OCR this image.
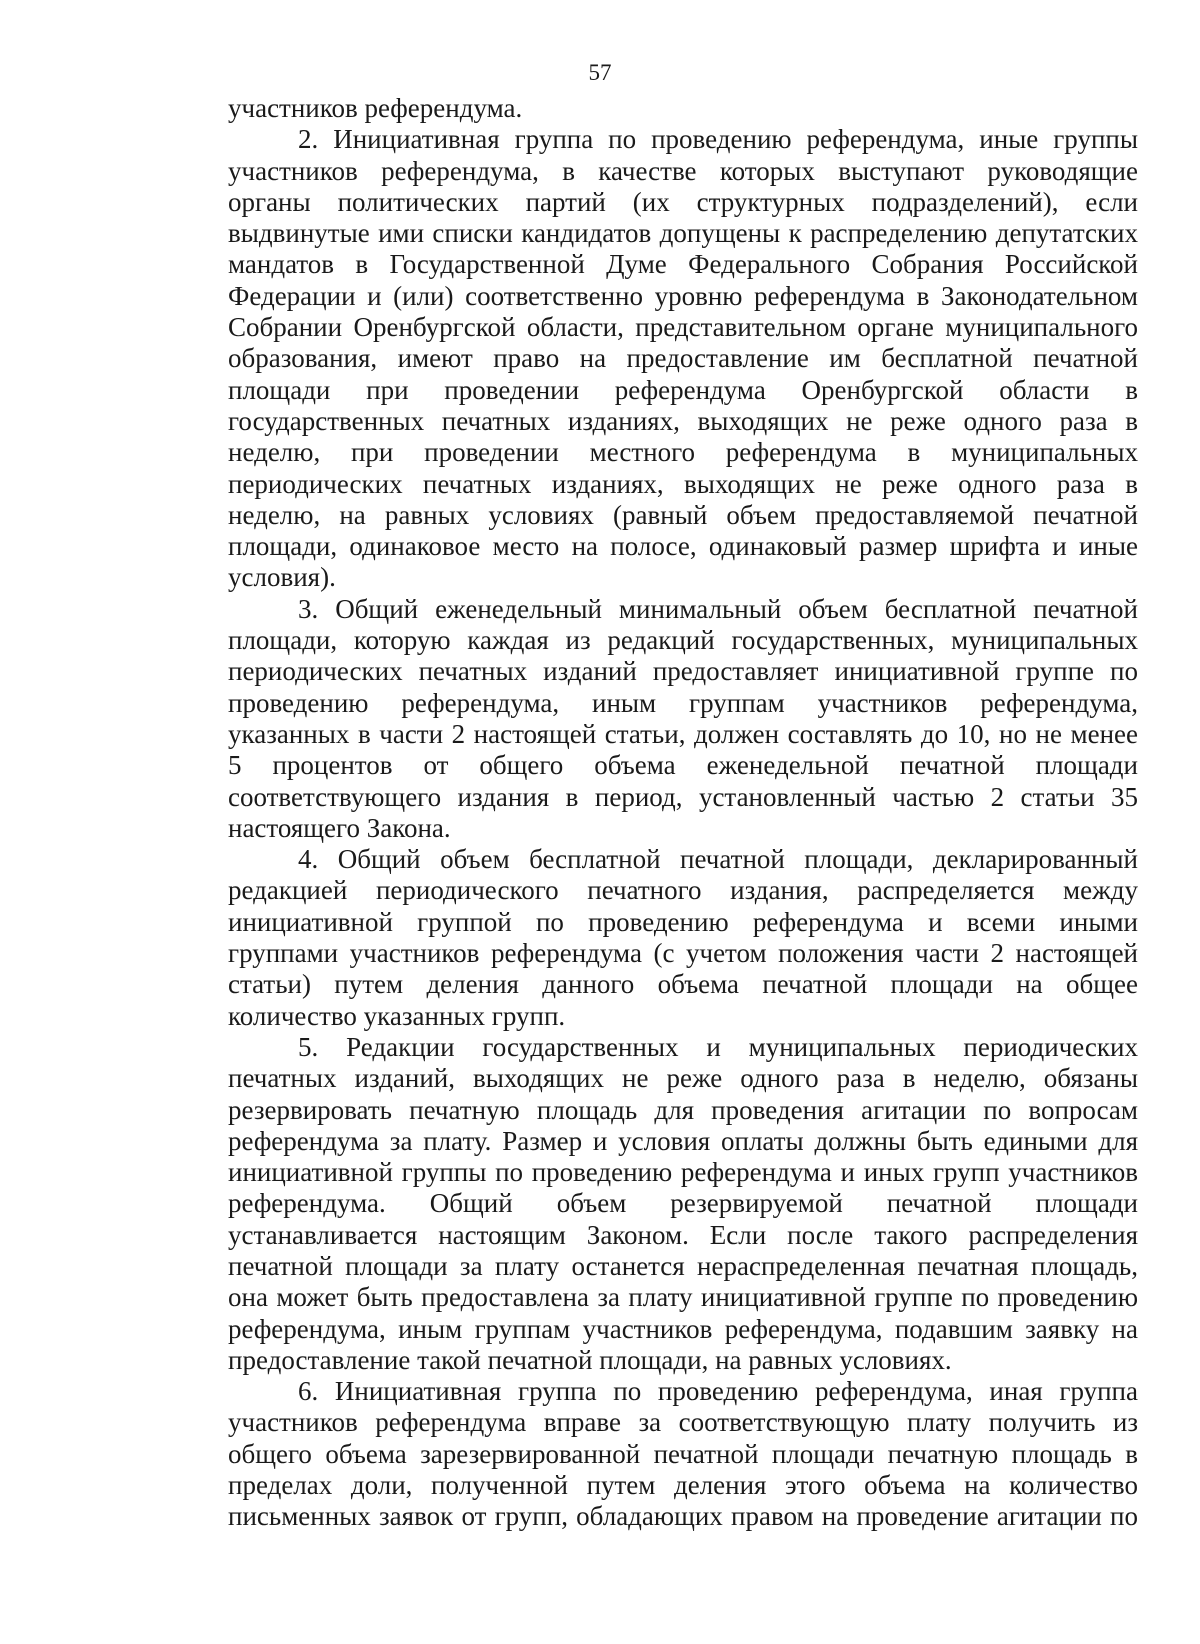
57

участников референдума.

2. Инициативная группа по проведению референдума, иные группы

участников референдума, в качестве которых выступают руководящие

органы политических партий (их структурных подразделений), если

выдвинутые ими списки кандидатов допущены к распределению депутатских

мандатов в Государственной Думе Федерального Собрания Российской

Федерации и (или) соответственно уровню референдума в Законодательном

Собрании Оренбургской области, представительном органе муниципального

образования, имеют право на предоставление им бесплатной печатной

площади при проведении референдума Оренбургской области в

государственных печатных изданиях, выходящих не реже одного раза в

неделю, при проведении местного референдума в муниципальных

периодических печатных изданиях, выходящих не реже одного раза в

неделю, на равных условиях (равный объем предоставляемой печатной

площади, одинаковое место на полосе, одинаковый размер шрифта и иные

условия).

3. Общий еженедельный минимальный объем бесплатной печатной

площади, которую каждая из редакций государственных, муниципальных

периодических печатных изданий предоставляет инициативной группе по

проведению референдума, иным группам участников референдума,

указанных в части 2 настоящей статьи, должен составлять до 10, но не менее

5 процентов от общего объема еженедельной печатной площади

соответствующего издания в период, установленный частью 2 статьи 35

настоящего Закона.

4. Общий объем бесплатной печатной площади, декларированный

редакцией периодического печатного издания, распределяется между

инициативной группой по проведению референдума и всеми иными

группами участников референдума (с учетом положения части 2 настоящей

статьи) путем деления данного объема печатной площади на общее

количество указанных групп.

5. Редакции государственных и муниципальных периодических

печатных изданий, выходящих не реже одного раза в неделю, обязаны

резервировать печатную площадь для проведения агитации по вопросам

референдума за плату. Размер и условия оплаты должны быть едиными для

инициативной группы по проведению референдума и иных групп участников

референдума. Общий объем резервируемой печатной площади

устанавливается настоящим Законом. Если после такого распределения

печатной площади за плату останется нераспределенная печатная площадь,

она может быть предоставлена за плату инициативной группе по проведению

референдума, иным группам участников референдума, подавшим заявку на

предоставление такой печатной площади, на равных условиях.

6. Инициативная группа по проведению референдума, иная группа

участников референдума вправе за соответствующую плату получить из

общего объема зарезервированной печатной площади печатную площадь в

пределах доли, полученной путем деления этого объема на количество

письменных заявок от групп, обладающих правом на проведение агитации по
